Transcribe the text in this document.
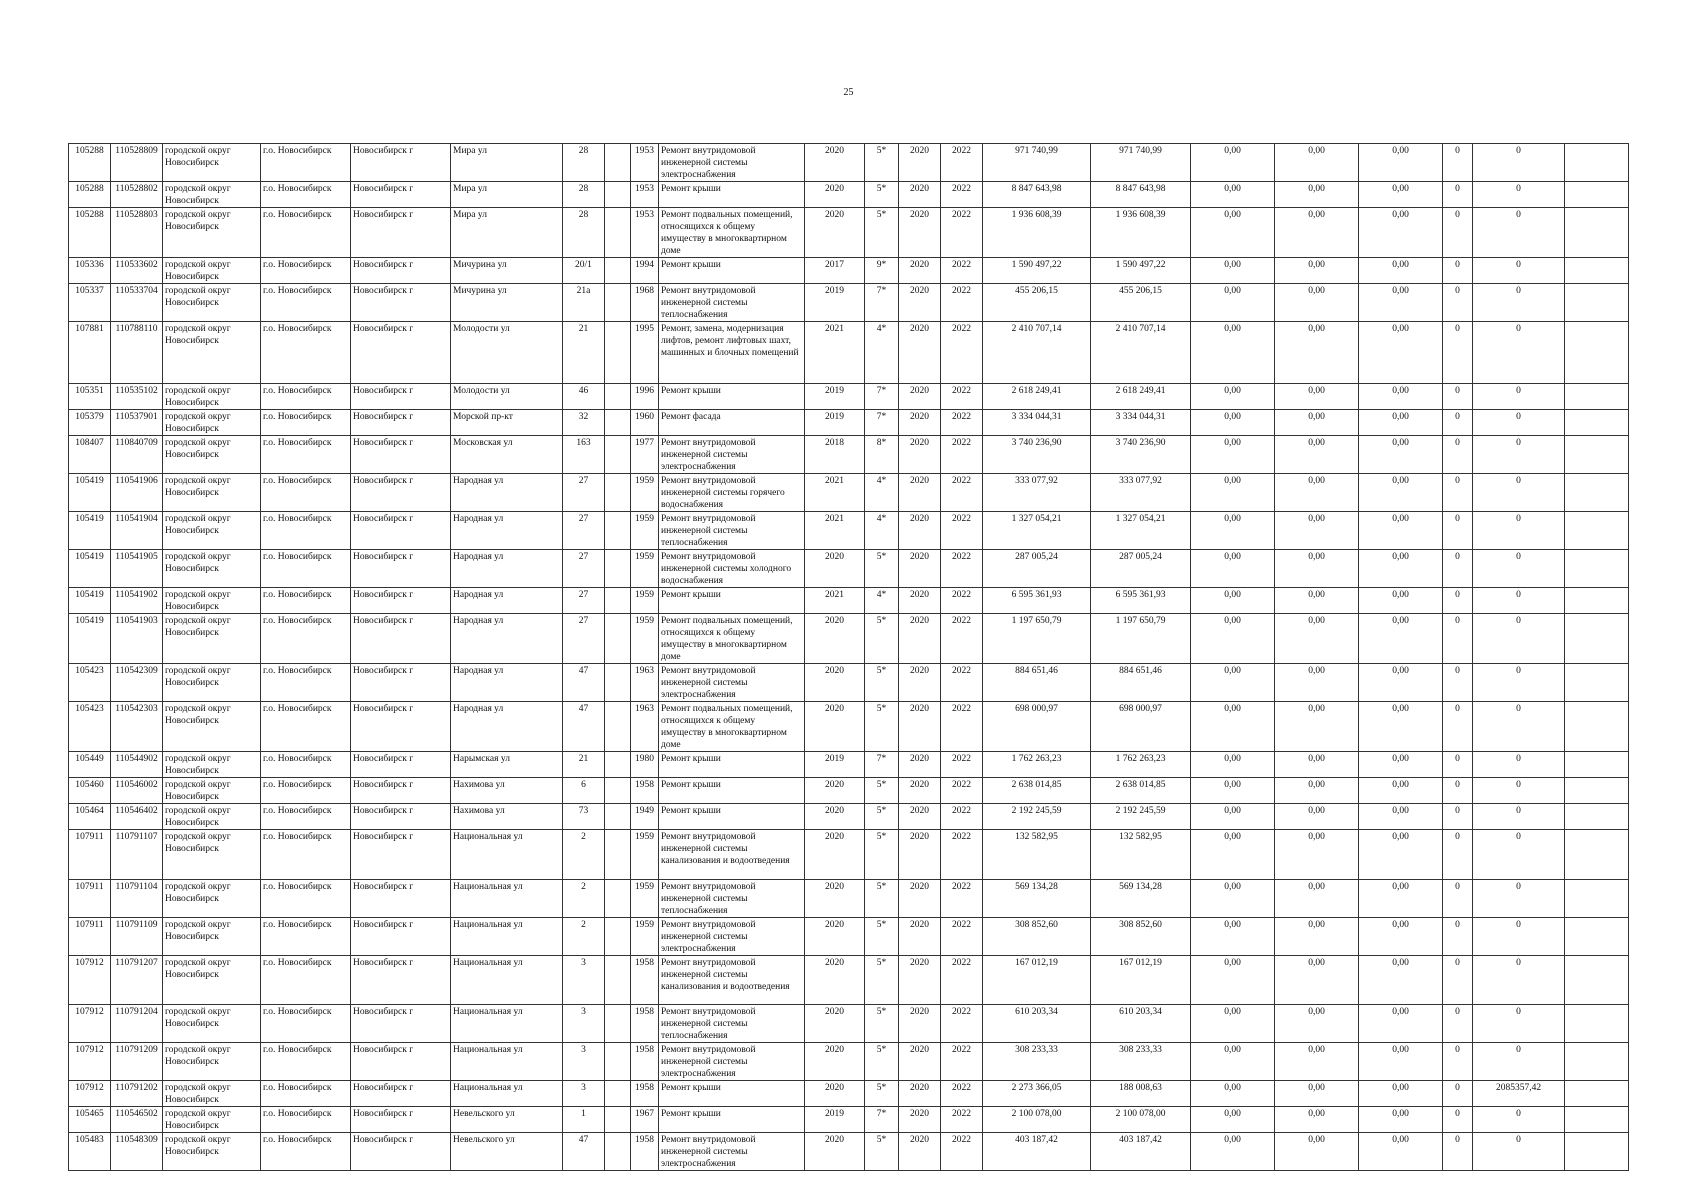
25
105288	110528809	городской округ Новосибирск	г.о. Новосибирск	Новосибирск г	Мира ул	28		1953	Ремонт внутридомовой инженерной системы электроснабжения	2020	5*	2020	2022	971 740,99	971 740,99	0,00	0,00	0,00	0	0	
105288	110528802	городской округ Новосибирск	г.о. Новосибирск	Новосибирск г	Мира ул	28		1953	Ремонт крыши	2020	5*	2020	2022	8 847 643,98	8 847 643,98	0,00	0,00	0,00	0	0	
105288	110528803	городской округ Новосибирск	г.о. Новосибирск	Новосибирск г	Мира ул	28		1953	Ремонт подвальных помещений, относящихся к общему имуществу в многоквартирном доме	2020	5*	2020	2022	1 936 608,39	1 936 608,39	0,00	0,00	0,00	0	0	
105336	110533602	городской округ Новосибирск	г.о. Новосибирск	Новосибирск г	Мичурина ул	20/1		1994	Ремонт крыши	2017	9*	2020	2022	1 590 497,22	1 590 497,22	0,00	0,00	0,00	0	0	
105337	110533704	городской округ Новосибирск	г.о. Новосибирск	Новосибирск г	Мичурина ул	21а		1968	Ремонт внутридомовой инженерной системы теплоснабжения	2019	7*	2020	2022	455 206,15	455 206,15	0,00	0,00	0,00	0	0	
107881	110788110	городской округ Новосибирск	г.о. Новосибирск	Новосибирск г	Молодости ул	21		1995	Ремонт, замена, модернизация лифтов, ремонт лифтовых шахт, машинных и блочных помещений	2021	4*	2020	2022	2 410 707,14	2 410 707,14	0,00	0,00	0,00	0	0	
105351	110535102	городской округ Новосибирск	г.о. Новосибирск	Новосибирск г	Молодости ул	46		1996	Ремонт крыши	2019	7*	2020	2022	2 618 249,41	2 618 249,41	0,00	0,00	0,00	0	0	
105379	110537901	городской округ Новосибирск	г.о. Новосибирск	Новосибирск г	Морской пр-кт	32		1960	Ремонт фасада	2019	7*	2020	2022	3 334 044,31	3 334 044,31	0,00	0,00	0,00	0	0	
108407	110840709	городской округ Новосибирск	г.о. Новосибирск	Новосибирск г	Московская ул	163		1977	Ремонт внутридомовой инженерной системы электроснабжения	2018	8*	2020	2022	3 740 236,90	3 740 236,90	0,00	0,00	0,00	0	0	
105419	110541906	городской округ Новосибирск	г.о. Новосибирск	Новосибирск г	Народная ул	27		1959	Ремонт внутридомовой инженерной системы горячего водоснабжения	2021	4*	2020	2022	333 077,92	333 077,92	0,00	0,00	0,00	0	0	
105419	110541904	городской округ Новосибирск	г.о. Новосибирск	Новосибирск г	Народная ул	27		1959	Ремонт внутридомовой инженерной системы теплоснабжения	2021	4*	2020	2022	1 327 054,21	1 327 054,21	0,00	0,00	0,00	0	0	
105419	110541905	городской округ Новосибирск	г.о. Новосибирск	Новосибирск г	Народная ул	27		1959	Ремонт внутридомовой инженерной системы холодного водоснабжения	2020	5*	2020	2022	287 005,24	287 005,24	0,00	0,00	0,00	0	0	
105419	110541902	городской округ Новосибирск	г.о. Новосибирск	Новосибирск г	Народная ул	27		1959	Ремонт крыши	2021	4*	2020	2022	6 595 361,93	6 595 361,93	0,00	0,00	0,00	0	0	
105419	110541903	городской округ Новосибирск	г.о. Новосибирск	Новосибирск г	Народная ул	27		1959	Ремонт подвальных помещений, относящихся к общему имуществу в многоквартирном доме	2020	5*	2020	2022	1 197 650,79	1 197 650,79	0,00	0,00	0,00	0	0	
105423	110542309	городской округ Новосибирск	г.о. Новосибирск	Новосибирск г	Народная ул	47		1963	Ремонт внутридомовой инженерной системы электроснабжения	2020	5*	2020	2022	884 651,46	884 651,46	0,00	0,00	0,00	0	0	
105423	110542303	городской округ Новосибирск	г.о. Новосибирск	Новосибирск г	Народная ул	47		1963	Ремонт подвальных помещений, относящихся к общему имуществу в многоквартирном доме	2020	5*	2020	2022	698 000,97	698 000,97	0,00	0,00	0,00	0	0	
105449	110544902	городской округ Новосибирск	г.о. Новосибирск	Новосибирск г	Нарымская ул	21		1980	Ремонт крыши	2019	7*	2020	2022	1 762 263,23	1 762 263,23	0,00	0,00	0,00	0	0	
105460	110546002	городской округ Новосибирск	г.о. Новосибирск	Новосибирск г	Нахимова ул	6		1958	Ремонт крыши	2020	5*	2020	2022	2 638 014,85	2 638 014,85	0,00	0,00	0,00	0	0	
105464	110546402	городской округ Новосибирск	г.о. Новосибирск	Новосибирск г	Нахимова ул	73		1949	Ремонт крыши	2020	5*	2020	2022	2 192 245,59	2 192 245,59	0,00	0,00	0,00	0	0	
107911	110791107	городской округ Новосибирск	г.о. Новосибирск	Новосибирск г	Национальная ул	2		1959	Ремонт внутридомовой инженерной системы канализования и водоотведения	2020	5*	2020	2022	132 582,95	132 582,95	0,00	0,00	0,00	0	0	
107911	110791104	городской округ Новосибирск	г.о. Новосибирск	Новосибирск г	Национальная ул	2		1959	Ремонт внутридомовой инженерной системы теплоснабжения	2020	5*	2020	2022	569 134,28	569 134,28	0,00	0,00	0,00	0	0	
107911	110791109	городской округ Новосибирск	г.о. Новосибирск	Новосибирск г	Национальная ул	2		1959	Ремонт внутридомовой инженерной системы электроснабжения	2020	5*	2020	2022	308 852,60	308 852,60	0,00	0,00	0,00	0	0	
107912	110791207	городской округ Новосибирск	г.о. Новосибирск	Новосибирск г	Национальная ул	3		1958	Ремонт внутридомовой инженерной системы канализования и водоотведения	2020	5*	2020	2022	167 012,19	167 012,19	0,00	0,00	0,00	0	0	
107912	110791204	городской округ Новосибирск	г.о. Новосибирск	Новосибирск г	Национальная ул	3		1958	Ремонт внутридомовой инженерной системы теплоснабжения	2020	5*	2020	2022	610 203,34	610 203,34	0,00	0,00	0,00	0	0	
107912	110791209	городской округ Новосибирск	г.о. Новосибирск	Новосибирск г	Национальная ул	3		1958	Ремонт внутридомовой инженерной системы электроснабжения	2020	5*	2020	2022	308 233,33	308 233,33	0,00	0,00	0,00	0	0	
107912	110791202	городской округ Новосибирск	г.о. Новосибирск	Новосибирск г	Национальная ул	3		1958	Ремонт крыши	2020	5*	2020	2022	2 273 366,05	188 008,63	0,00	0,00	0,00	0	2085357,42	
105465	110546502	городской округ Новосибирск	г.о. Новосибирск	Новосибирск г	Невельского ул	1		1967	Ремонт крыши	2019	7*	2020	2022	2 100 078,00	2 100 078,00	0,00	0,00	0,00	0	0	
105483	110548309	городской округ Новосибирск	г.о. Новосибирск	Новосибирск г	Невельского ул	47		1958	Ремонт внутридомовой инженерной системы электроснабжения	2020	5*	2020	2022	403 187,42	403 187,42	0,00	0,00	0,00	0	0	
